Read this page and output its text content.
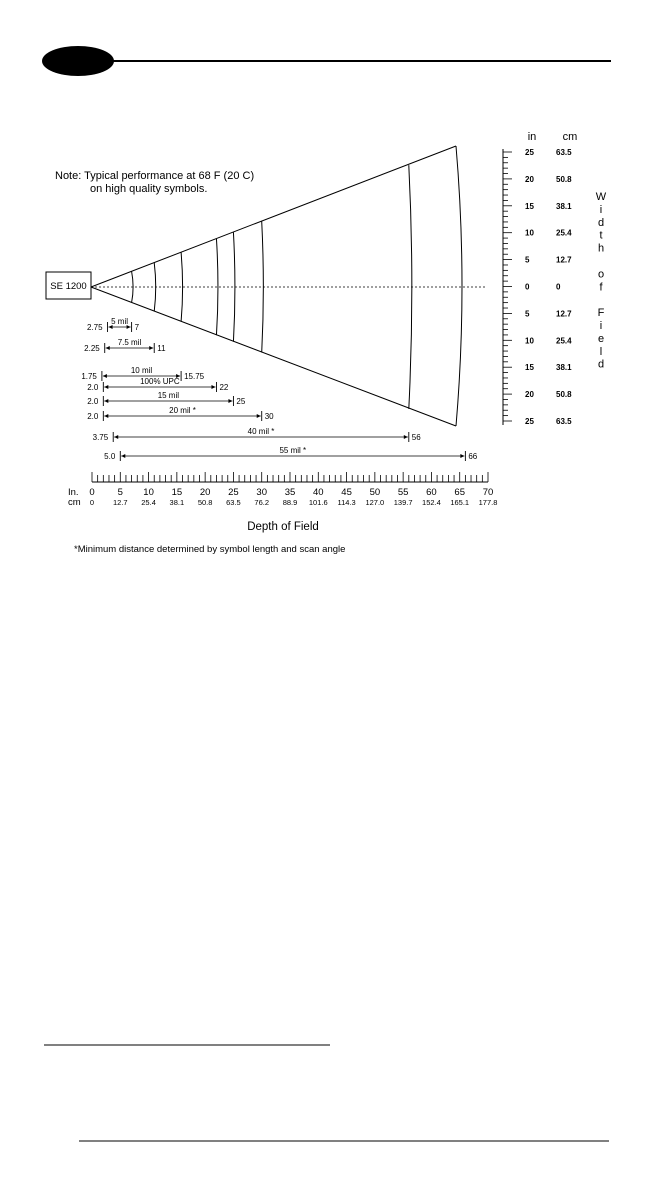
Note: Typical performance at 68 F (20 C)
on high quality symbols.
SE 1200
in cm
25	63.5
20	50.8
15	38.1
10	25.4
5	12.7
0	0
5	12.7
10	25.4
15	38.1
20	50.8
25	63.5
W
i
d
t
h
o
f
F
i
e
l
d
2.75
5 mil
7
2.25
7.5 mil
11
1.75
10 mil
15.75
2.0
100% UPC
22
2.0
15 mil
25
2.0
20 mil *
30
3.75
40 mil *
56
5.0
55 mil *
66
In.
cm
0 5 10 15 20 25 30 35 40 45 50 55 60 65 70
0	12.7 25.4 38.1 50.8 63.5 76.2 88.9 101.6 114.3 127.0 139.7 152.4 165.1 177.8
Depth of Field
*Minimum distance determined by symbol length and scan angle
